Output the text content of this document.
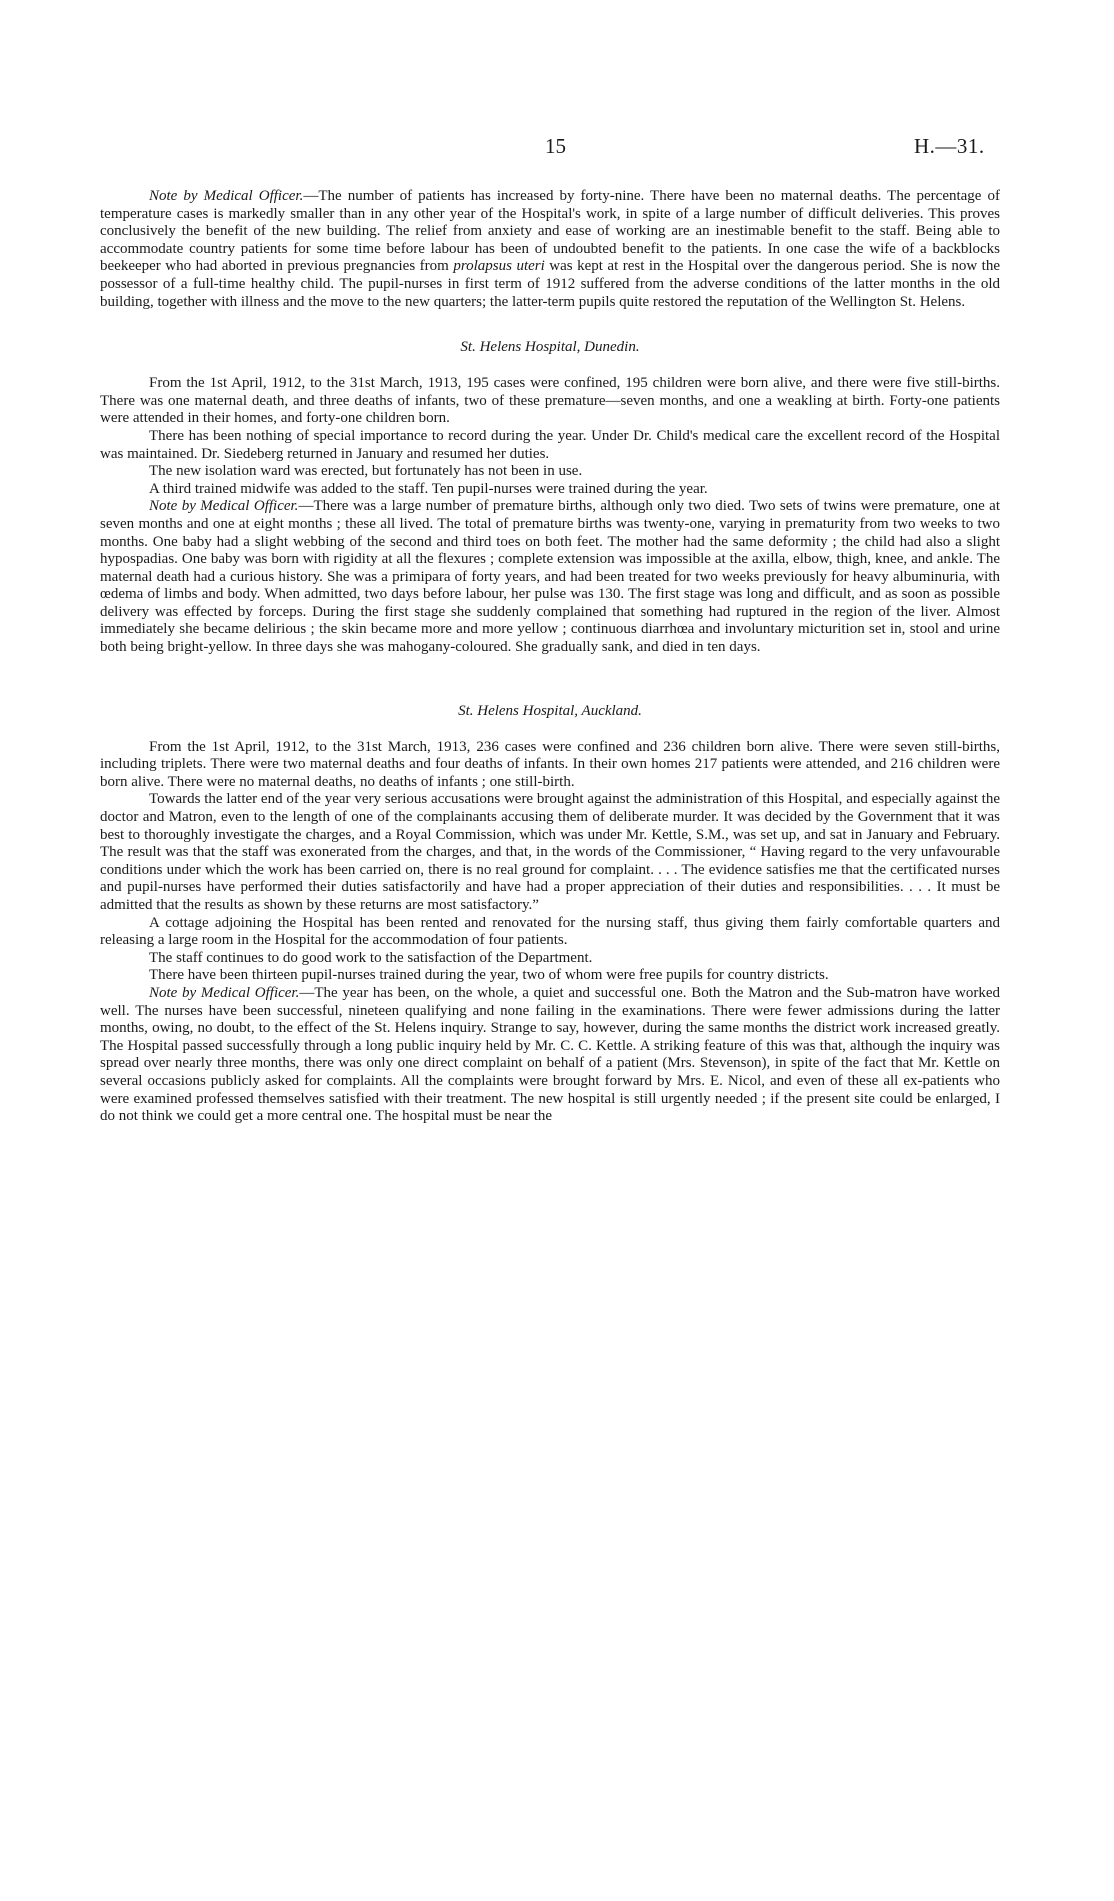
15	H.—31.

Note by Medical Officer.—The number of patients has increased by forty-nine. There have been no maternal deaths. The percentage of temperature cases is markedly smaller than in any other year of the Hospital's work, in spite of a large number of difficult deliveries. This proves conclusively the benefit of the new building. The relief from anxiety and ease of working are an inestimable benefit to the staff. Being able to accommodate country patients for some time before labour has been of undoubted benefit to the patients. In one case the wife of a backblocks beekeeper who had aborted in previous pregnancies from prolapsus uteri was kept at rest in the Hospital over the dangerous period. She is now the possessor of a full-time healthy child. The pupil-nurses in first term of 1912 suffered from the adverse conditions of the latter months in the old building, together with illness and the move to the new quarters; the latter-term pupils quite restored the reputation of the Wellington St. Helens.

St. Helens Hospital, Dunedin.

From the 1st April, 1912, to the 31st March, 1913, 195 cases were confined, 195 children were born alive, and there were five still-births. There was one maternal death, and three deaths of infants, two of these premature—seven months, and one a weakling at birth. Forty-one patients were attended in their homes, and forty-one children born.

There has been nothing of special importance to record during the year. Under Dr. Child's medical care the excellent record of the Hospital was maintained. Dr. Siedeberg returned in January and resumed her duties.

The new isolation ward was erected, but fortunately has not been in use.

A third trained midwife was added to the staff. Ten pupil-nurses were trained during the year.

Note by Medical Officer.—There was a large number of premature births, although only two died. Two sets of twins were premature, one at seven months and one at eight months ; these all lived. The total of premature births was twenty-one, varying in prematurity from two weeks to two months. One baby had a slight webbing of the second and third toes on both feet. The mother had the same deformity ; the child had also a slight hypospadias. One baby was born with rigidity at all the flexures ; complete extension was impossible at the axilla, elbow, thigh, knee, and ankle. The maternal death had a curious history. She was a primipara of forty years, and had been treated for two weeks previously for heavy albuminuria, with œdema of limbs and body. When admitted, two days before labour, her pulse was 130. The first stage was long and difficult, and as soon as possible delivery was effected by forceps. During the first stage she suddenly complained that something had ruptured in the region of the liver. Almost immediately she became delirious ; the skin became more and more yellow ; continuous diarrhœa and involuntary micturition set in, stool and urine both being bright-yellow. In three days she was mahogany-coloured. She gradually sank, and died in ten days.

St. Helens Hospital, Auckland.

From the 1st April, 1912, to the 31st March, 1913, 236 cases were confined and 236 children born alive. There were seven still-births, including triplets. There were two maternal deaths and four deaths of infants. In their own homes 217 patients were attended, and 216 children were born alive. There were no maternal deaths, no deaths of infants ; one still-birth.

Towards the latter end of the year very serious accusations were brought against the administration of this Hospital, and especially against the doctor and Matron, even to the length of one of the complainants accusing them of deliberate murder. It was decided by the Government that it was best to thoroughly investigate the charges, and a Royal Commission, which was under Mr. Kettle, S.M., was set up, and sat in January and February. The result was that the staff was exonerated from the charges, and that, in the words of the Commissioner, “ Having regard to the very unfavourable conditions under which the work has been carried on, there is no real ground for complaint. . . . The evidence satisfies me that the certificated nurses and pupil-nurses have performed their duties satisfactorily and have had a proper appreciation of their duties and responsibilities. . . . It must be admitted that the results as shown by these returns are most satisfactory.”

A cottage adjoining the Hospital has been rented and renovated for the nursing staff, thus giving them fairly comfortable quarters and releasing a large room in the Hospital for the accommodation of four patients.

The staff continues to do good work to the satisfaction of the Department.

There have been thirteen pupil-nurses trained during the year, two of whom were free pupils for country districts.

Note by Medical Officer.—The year has been, on the whole, a quiet and successful one. Both the Matron and the Sub-matron have worked well. The nurses have been successful, nineteen qualifying and none failing in the examinations. There were fewer admissions during the latter months, owing, no doubt, to the effect of the St. Helens inquiry. Strange to say, however, during the same months the district work increased greatly. The Hospital passed successfully through a long public inquiry held by Mr. C. C. Kettle. A striking feature of this was that, although the inquiry was spread over nearly three months, there was only one direct complaint on behalf of a patient (Mrs. Stevenson), in spite of the fact that Mr. Kettle on several occasions publicly asked for complaints. All the complaints were brought forward by Mrs. E. Nicol, and even of these all ex-patients who were examined professed themselves satisfied with their treatment. The new hospital is still urgently needed ; if the present site could be enlarged, I do not think we could get a more central one. The hospital must be near the
